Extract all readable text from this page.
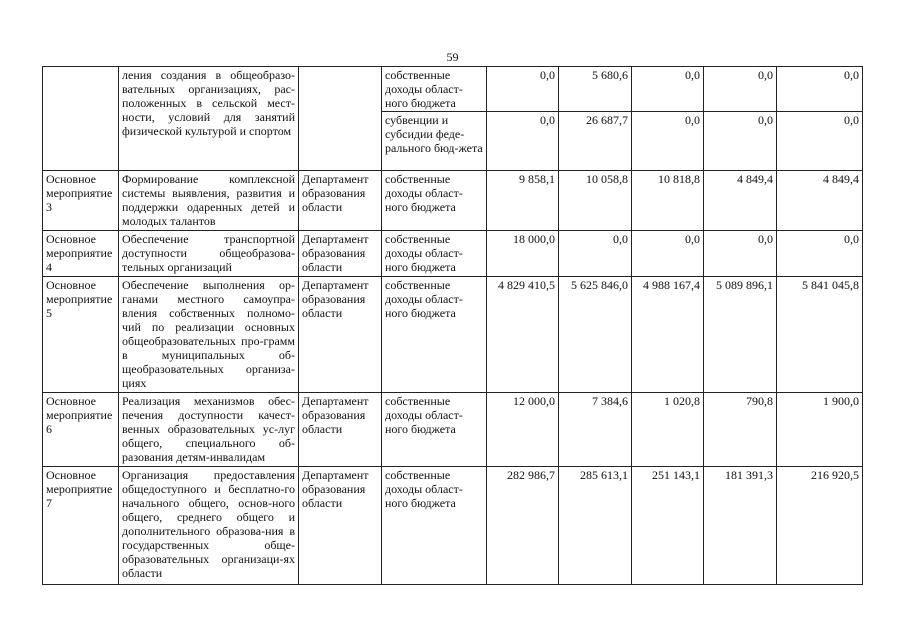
59
	ления создания в общеобразо-вательных организациях, рас-положенных в сельской мест-ности, условий для занятий физической культурой и спортом		собственные доходы област-ного бюджета	0,0	5 680,6	0,0	0,0	0,0
			субвенции и субсидии феде-рального бюд-жета	0,0	26 687,7	0,0	0,0	0,0
Основное мероприятие 3	Формирование комплексной системы выявления, развития и поддержки одаренных детей и молодых талантов	Департамент образования области	собственные доходы област-ного бюджета	9 858,1	10 058,8	10 818,8	4 849,4	4 849,4
Основное мероприятие 4	Обеспечение транспортной доступности общеобразова-тельных организаций	Департамент образования области	собственные доходы област-ного бюджета	18 000,0	0,0	0,0	0,0	0,0
Основное мероприятие 5	Обеспечение выполнения ор-ганами местного самоупра-вления собственных полномо-чий по реализации основных общеобразовательных про-грамм в муниципальных об-щеобразовательных организа-циях	Департамент образования области	собственные доходы област-ного бюджета	4 829 410,5	5 625 846,0	4 988 167,4	5 089 896,1	5 841 045,8
Основное мероприятие 6	Реализация механизмов обес-печения доступности качест-венных образовательных ус-луг общего, специального об-разования детям-инвалидам	Департамент образования области	собственные доходы област-ного бюджета	12 000,0	7 384,6	1 020,8	790,8	1 900,0
Основное мероприятие 7	Организация предоставления общедоступного и бесплатно-го начального общего, основ-ного общего, среднего общего и дополнительного образова-ния в государственных обще-образовательных организаци-ях области	Департамент образования области	собственные доходы област-ного бюджета	282 986,7	285 613,1	251 143,1	181 391,3	216 920,5
